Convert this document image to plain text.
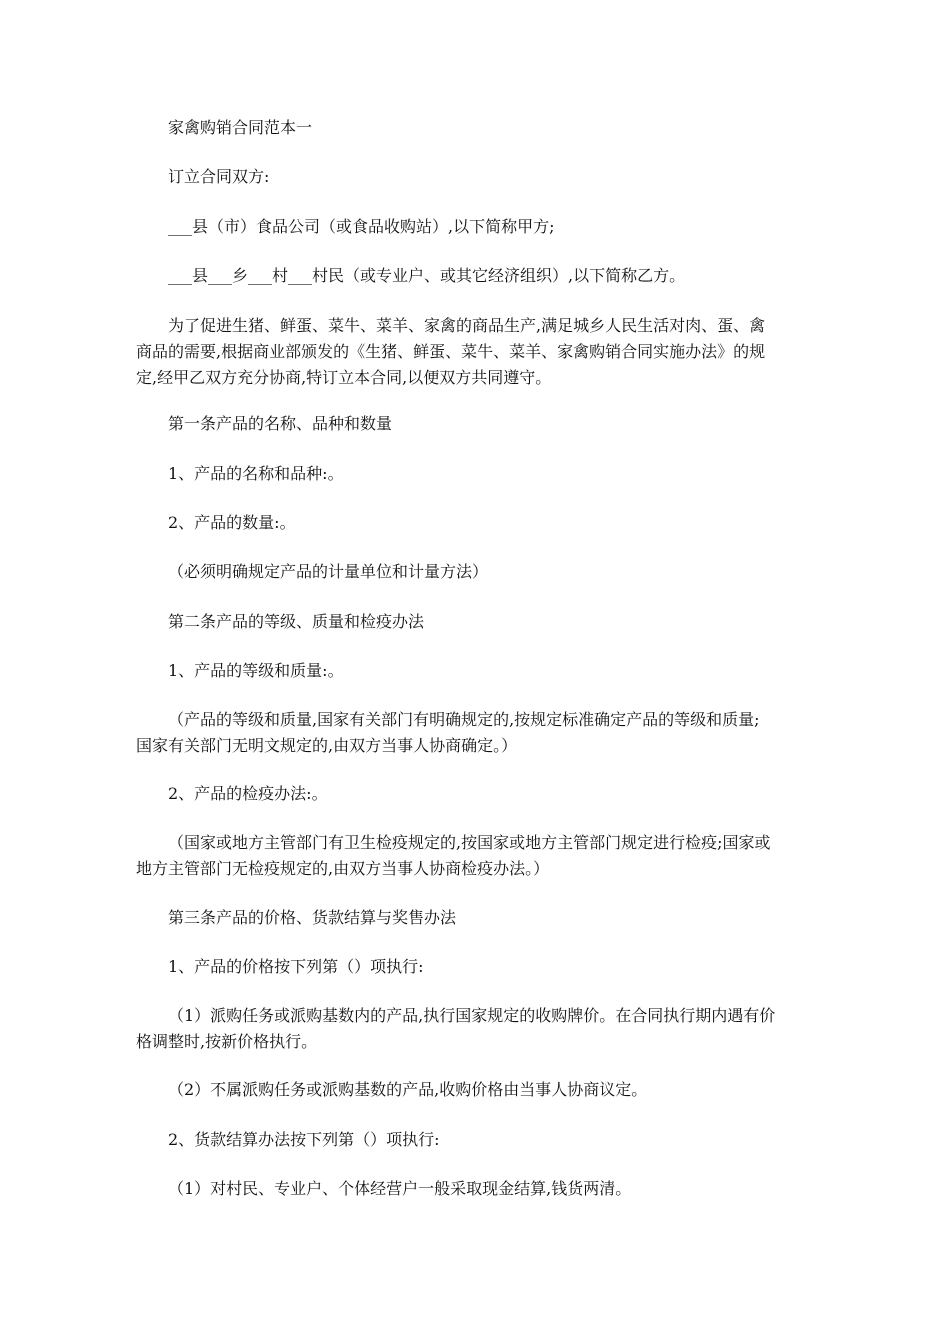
家禽购销合同范本一

订立合同双方:

___县（市）食品公司（或食品收购站）,以下简称甲方;

___县___乡___村___村民（或专业户、或其它经济组织）,以下简称乙方。

为了促进生猪、鲜蛋、菜牛、菜羊、家禽的商品生产,满足城乡人民生活对肉、蛋、禽
商品的需要,根据商业部颁发的《生猪、鲜蛋、菜牛、菜羊、家禽购销合同实施办法》的规
定,经甲乙双方充分协商,特订立本合同,以便双方共同遵守。

第一条产品的名称、品种和数量

1、产品的名称和品种:。

2、产品的数量:。

（必须明确规定产品的计量单位和计量方法）

第二条产品的等级、质量和检疫办法

1、产品的等级和质量:。

（产品的等级和质量,国家有关部门有明确规定的,按规定标准确定产品的等级和质量;
国家有关部门无明文规定的,由双方当事人协商确定。）

2、产品的检疫办法:。

（国家或地方主管部门有卫生检疫规定的,按国家或地方主管部门规定进行检疫;国家或
地方主管部门无检疫规定的,由双方当事人协商检疫办法。）

第三条产品的价格、货款结算与奖售办法

1、产品的价格按下列第（）项执行:

（1）派购任务或派购基数内的产品,执行国家规定的收购牌价。在合同执行期内遇有价
格调整时,按新价格执行。

（2）不属派购任务或派购基数的产品,收购价格由当事人协商议定。

2、货款结算办法按下列第（）项执行:

（1）对村民、专业户、个体经营户一般采取现金结算,钱货两清。
